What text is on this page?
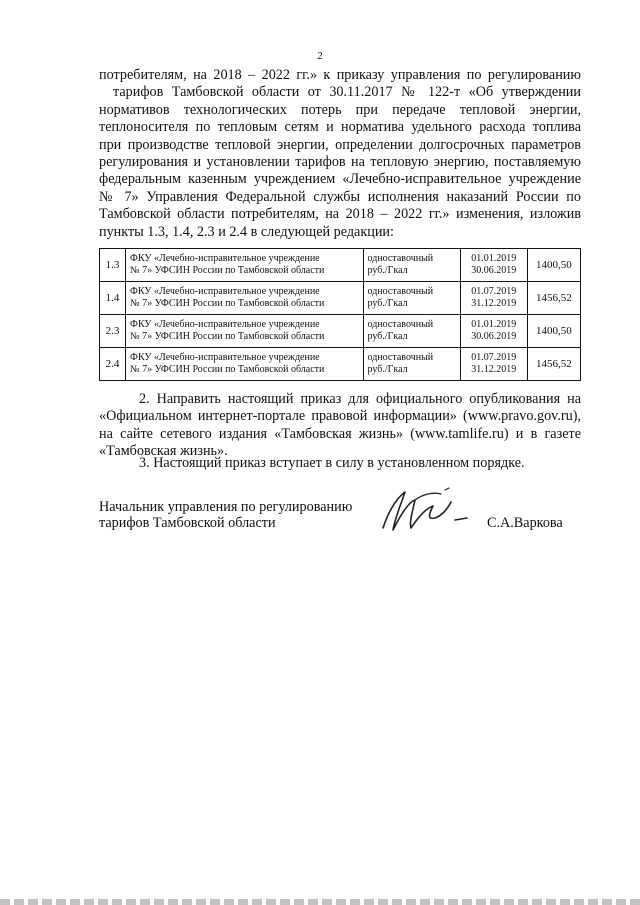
2

потребителям, на 2018 – 2022 гг.» к приказу управления по регулированию
тарифов Тамбовской области от 30.11.2017 № 122-т «Об утверждении
нормативов технологических потерь при передаче тепловой энергии,
теплоносителя по тепловым сетям и норматива удельного расхода топлива
при производстве тепловой энергии, определении долгосрочных параметров
регулирования и установлении тарифов на тепловую энергию, поставляемую
федеральным казенным учреждением «Лечебно-исправительное учреждение
№ 7» Управления Федеральной службы исполнения наказаний России по
Тамбовской области потребителям, на 2018 – 2022 гг.» изменения, изложив
пункты 1.3, 1.4, 2.3 и 2.4 в следующей редакции:

1.3	ФКУ «Лечебно-исправительное учреждение
№ 7» УФСИН России по Тамбовской области	одноставочный
руб./Гкал	01.01.2019
30.06.2019	1400,50
1.4	ФКУ «Лечебно-исправительное учреждение
№ 7» УФСИН России по Тамбовской области	одноставочный
руб./Гкал	01.07.2019
31.12.2019	1456,52
2.3	ФКУ «Лечебно-исправительное учреждение
№ 7» УФСИН России по Тамбовской области	одноставочный
руб./Гкал	01.01.2019
30.06.2019	1400,50
2.4	ФКУ «Лечебно-исправительное учреждение
№ 7» УФСИН России по Тамбовской области	одноставочный
руб./Гкал	01.07.2019
31.12.2019	1456,52

2. Направить настоящий приказ для официального опубликования на «Официальном интернет-портале правовой информации» (www.pravo.gov.ru), на сайте сетевого издания «Тамбовская жизнь» (www.tamlife.ru) и в газете «Тамбовская жизнь».

3. Настоящий приказ вступает в силу в установленном порядке.

Начальник управления по регулированию
тарифов Тамбовской области	С.А.Варкова
